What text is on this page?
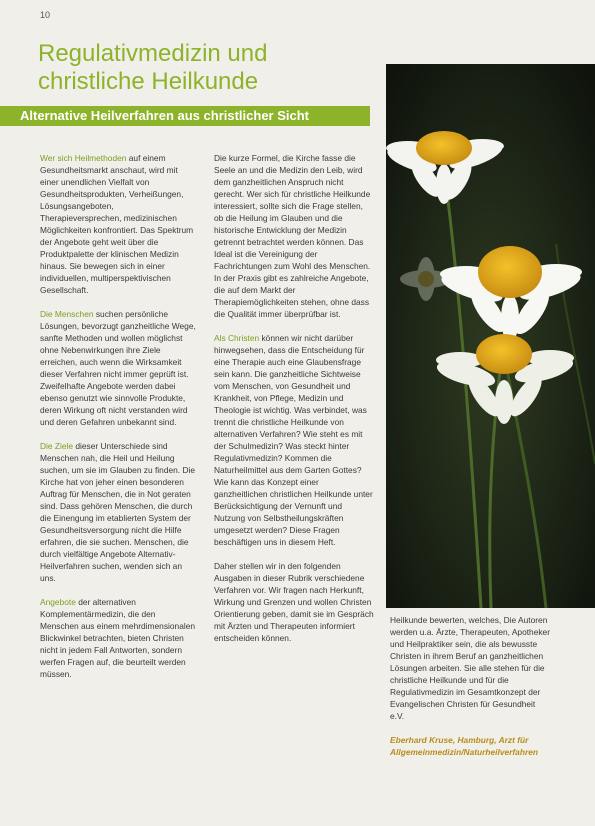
10
Regulativmedizin und christliche Heilkunde
Alternative Heilverfahren aus christlicher Sicht

Wer sich Heilmethoden auf einem Gesundheitsmarkt anschaut, wird mit einer unendlichen Vielfalt von Gesundheitsprodukten, Verheißungen, Lösungsangeboten, Therapieversprechen, medizinischen Möglichkeiten konfrontiert. Das Spektrum der Angebote geht weit über die Produktpalette der klinischen Medizin hinaus. Sie bewegen sich in einer individuellen, multiperspektivischen Gesellschaft.

Die Menschen suchen persönliche Lösungen, bevorzugt ganzheitliche Wege, sanfte Methoden und wollen möglichst ohne Nebenwirkungen ihre Ziele erreichen, auch wenn die Wirksamkeit dieser Verfahren nicht immer geprüft ist. Zweifelhafte Angebote werden dabei ebenso genutzt wie sinnvolle Produkte, deren Wirkung oft nicht verstanden wird und deren Gefahren unbekannt sind.

Die Ziele dieser Unterschiede sind Menschen nah, die Heil und Heilung suchen, um sie im Glauben zu finden. Die Kirche hat von jeher einen besonderen Auftrag für Menschen, die in Not geraten sind. Dass gehören Menschen, die durch die Einengung im etablierten System der Gesundheitsversorgung nicht die Hilfe erfahren, die sie suchen. Menschen, die durch vielfältige Angebote Alternativ-Heilverfahren suchen, wenden sich an uns.

Angebote der alternativen Komplementärmedizin, die den Menschen aus einem mehrdimensionalen Blickwinkel betrachten, bieten Christen nicht in jedem Fall Antworten, sondern werfen Fragen auf, die beurteilt werden müssen.

Die kurze Formel, die Kirche fasse die Seele an und die Medizin den Leib, wird dem ganzheitlichen Anspruch nicht gerecht. Wer sich für christliche Heilkunde interessiert, sollte sich die Frage stellen, ob die Heilung im Glauben und die historische Entwicklung der Medizin getrennt betrachtet werden können. Das Ideal ist die Vereinigung der Fachrichtungen zum Wohl des Menschen. In der Praxis gibt es zahlreiche Angebote, die auf dem Markt der Therapiemöglichkeiten stehen, ohne dass die Qualität immer überprüfbar ist.

Als Christen können wir nicht darüber hinwegsehen, dass die Entscheidung für eine Therapie auch eine Glaubensfrage sein kann. Die ganzheitliche Sichtweise vom Menschen, von Gesundheit und Krankheit, von Pflege, Medizin und Theologie ist wichtig. Was verbindet, was trennt die christliche Heilkunde von alternativen Verfahren? Wie steht es mit der Schulmedizin? Was steckt hinter Regulativmedizin? Kommen die Naturheilmittel aus dem Garten Gottes? Wie kann das Konzept einer ganzheitlichen christlichen Heilkunde unter Berücksichtigung der Vernunft und Nutzung von Selbstheilungskräften umgesetzt werden? Diese Fragen beschäftigen uns in diesem Heft.

Daher stellen wir in den folgenden Ausgaben in dieser Rubrik verschiedene Verfahren vor. Wir fragen nach Herkunft, Wirkung und Grenzen und wollen Christen Orientierung geben, damit sie im Gespräch mit Ärzten und Therapeuten informiert entscheiden können.

Heilkunde bewerten, welches, Die Autoren werden u.a. Ärzte, Therapeuten, Apotheker und Heilpraktiker sein, die als bewusste Christen in ihrem Beruf an ganzheitlichen Lösungen arbeiten. Sie alle stehen für die christliche Heilkunde und für die Regulativmedizin im Gesamtkonzept der Evangelischen Christen für Gesundheit e.V.

Eberhard Kruse, Hamburg, Arzt für Allgemeinmedizin/Naturheilverfahren
